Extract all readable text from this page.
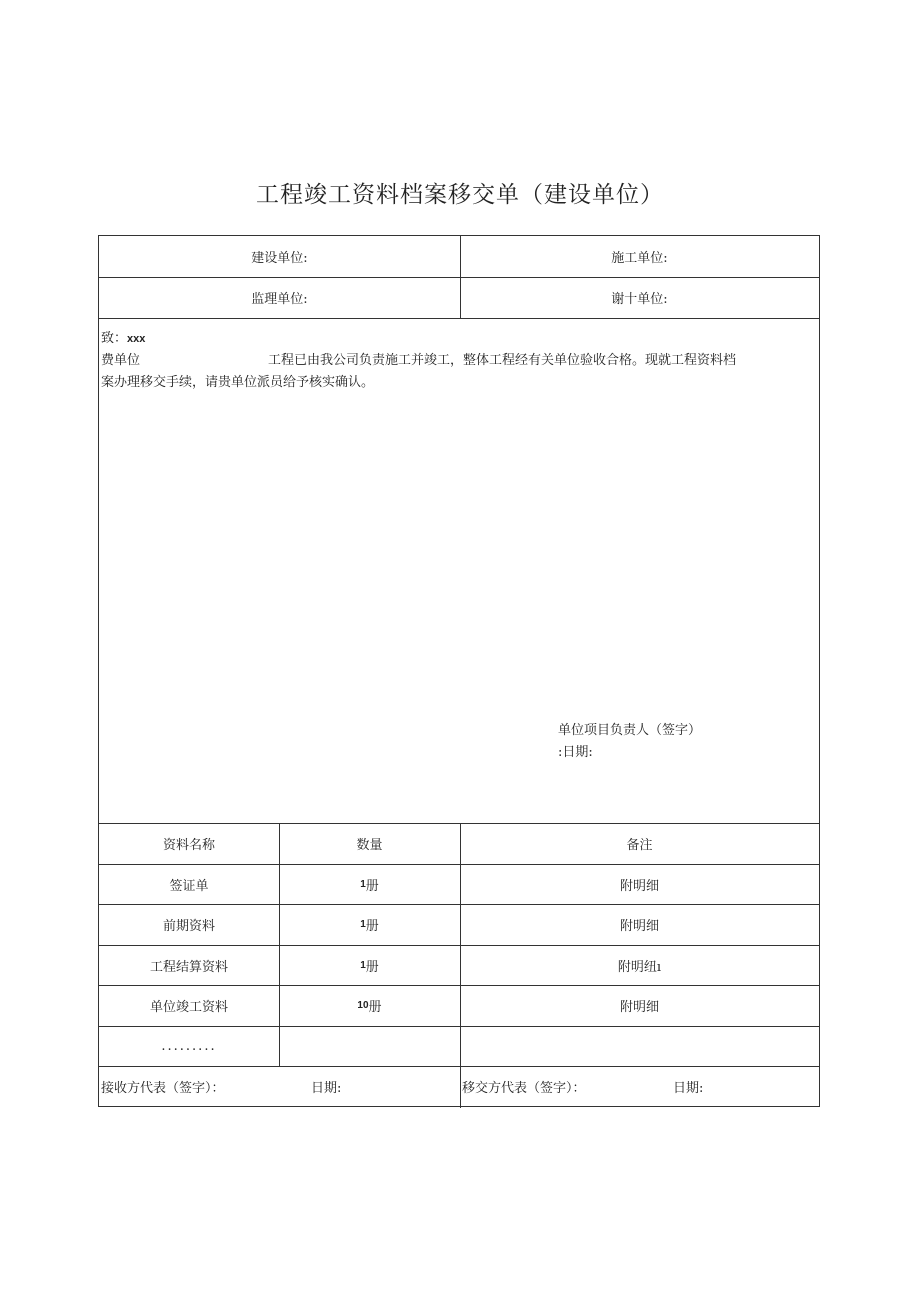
工程竣工资料档案移交单（建设单位）
建设单位:	施工单位:
监理单位:	谢十单位:
致：xxx
费单位	工程已由我公司负责施工并竣工，整体工程经有关单位验收合格。现就工程资料档
案办理移交手续，请贵单位派员给予核实确认。
单位项目负责人（签字）
:日期:
资料名称	数量	备注
签证单	1 册	附明细
前期资料	1 册	附明细
工程结算资料	1 册	附明纽ı
单位竣工资料	10 册	附明细
.........
接收方代表（签字）：	日期:	移交方代表（签字）：	日期:
